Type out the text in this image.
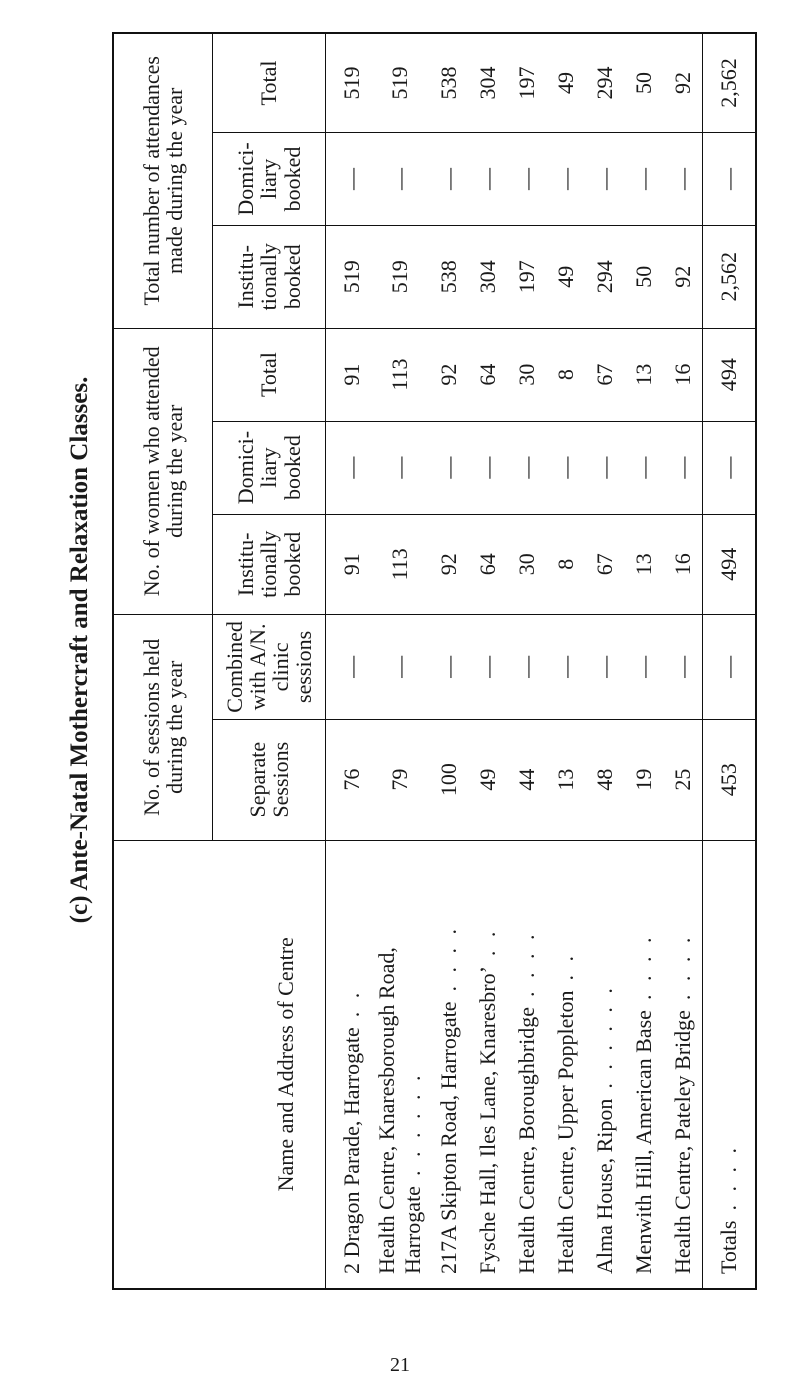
(c) Ante-Natal Mothercraft and Relaxation Classes.
Name and Address of Centre	No. of sessions held during the year		No. of women who attended during the year			Total number of attendances made during the year		
	Separate Sessions	Combined with A/N. clinic sessions	Institu- tionally booked	Domici- liary booked	Total	Institu- tionally booked	Domici- liary booked	Total
2 Dragon Parade, Harrogate. .	76	—	91	—	91	519	—	519
Health Centre, Knaresborough Road, Harrogate. . . . . .	79	—	113	—	113	519	—	519
217A Skipton Road, Harrogate. . . .	100	—	92	—	92	538	—	538
Fysche Hall, Iles Lane, Knaresbro’. .	49	—	64	—	64	304	—	304
Health Centre, Boroughbridge. . . .	44	—	30	—	30	197	—	197
Health Centre, Upper Poppleton. .	13	—	8	—	8	49	—	49
Alma House, Ripon. . . . . .	48	—	67	—	67	294	—	294
Menwith Hill, American Base. . . .	19	—	13	—	13	50	—	50
Health Centre, Pateley Bridge. . . .	25	—	16	—	16	92	—	92
Totals. . . .	453	—	494	—	494	2,562	—	2,562
21
